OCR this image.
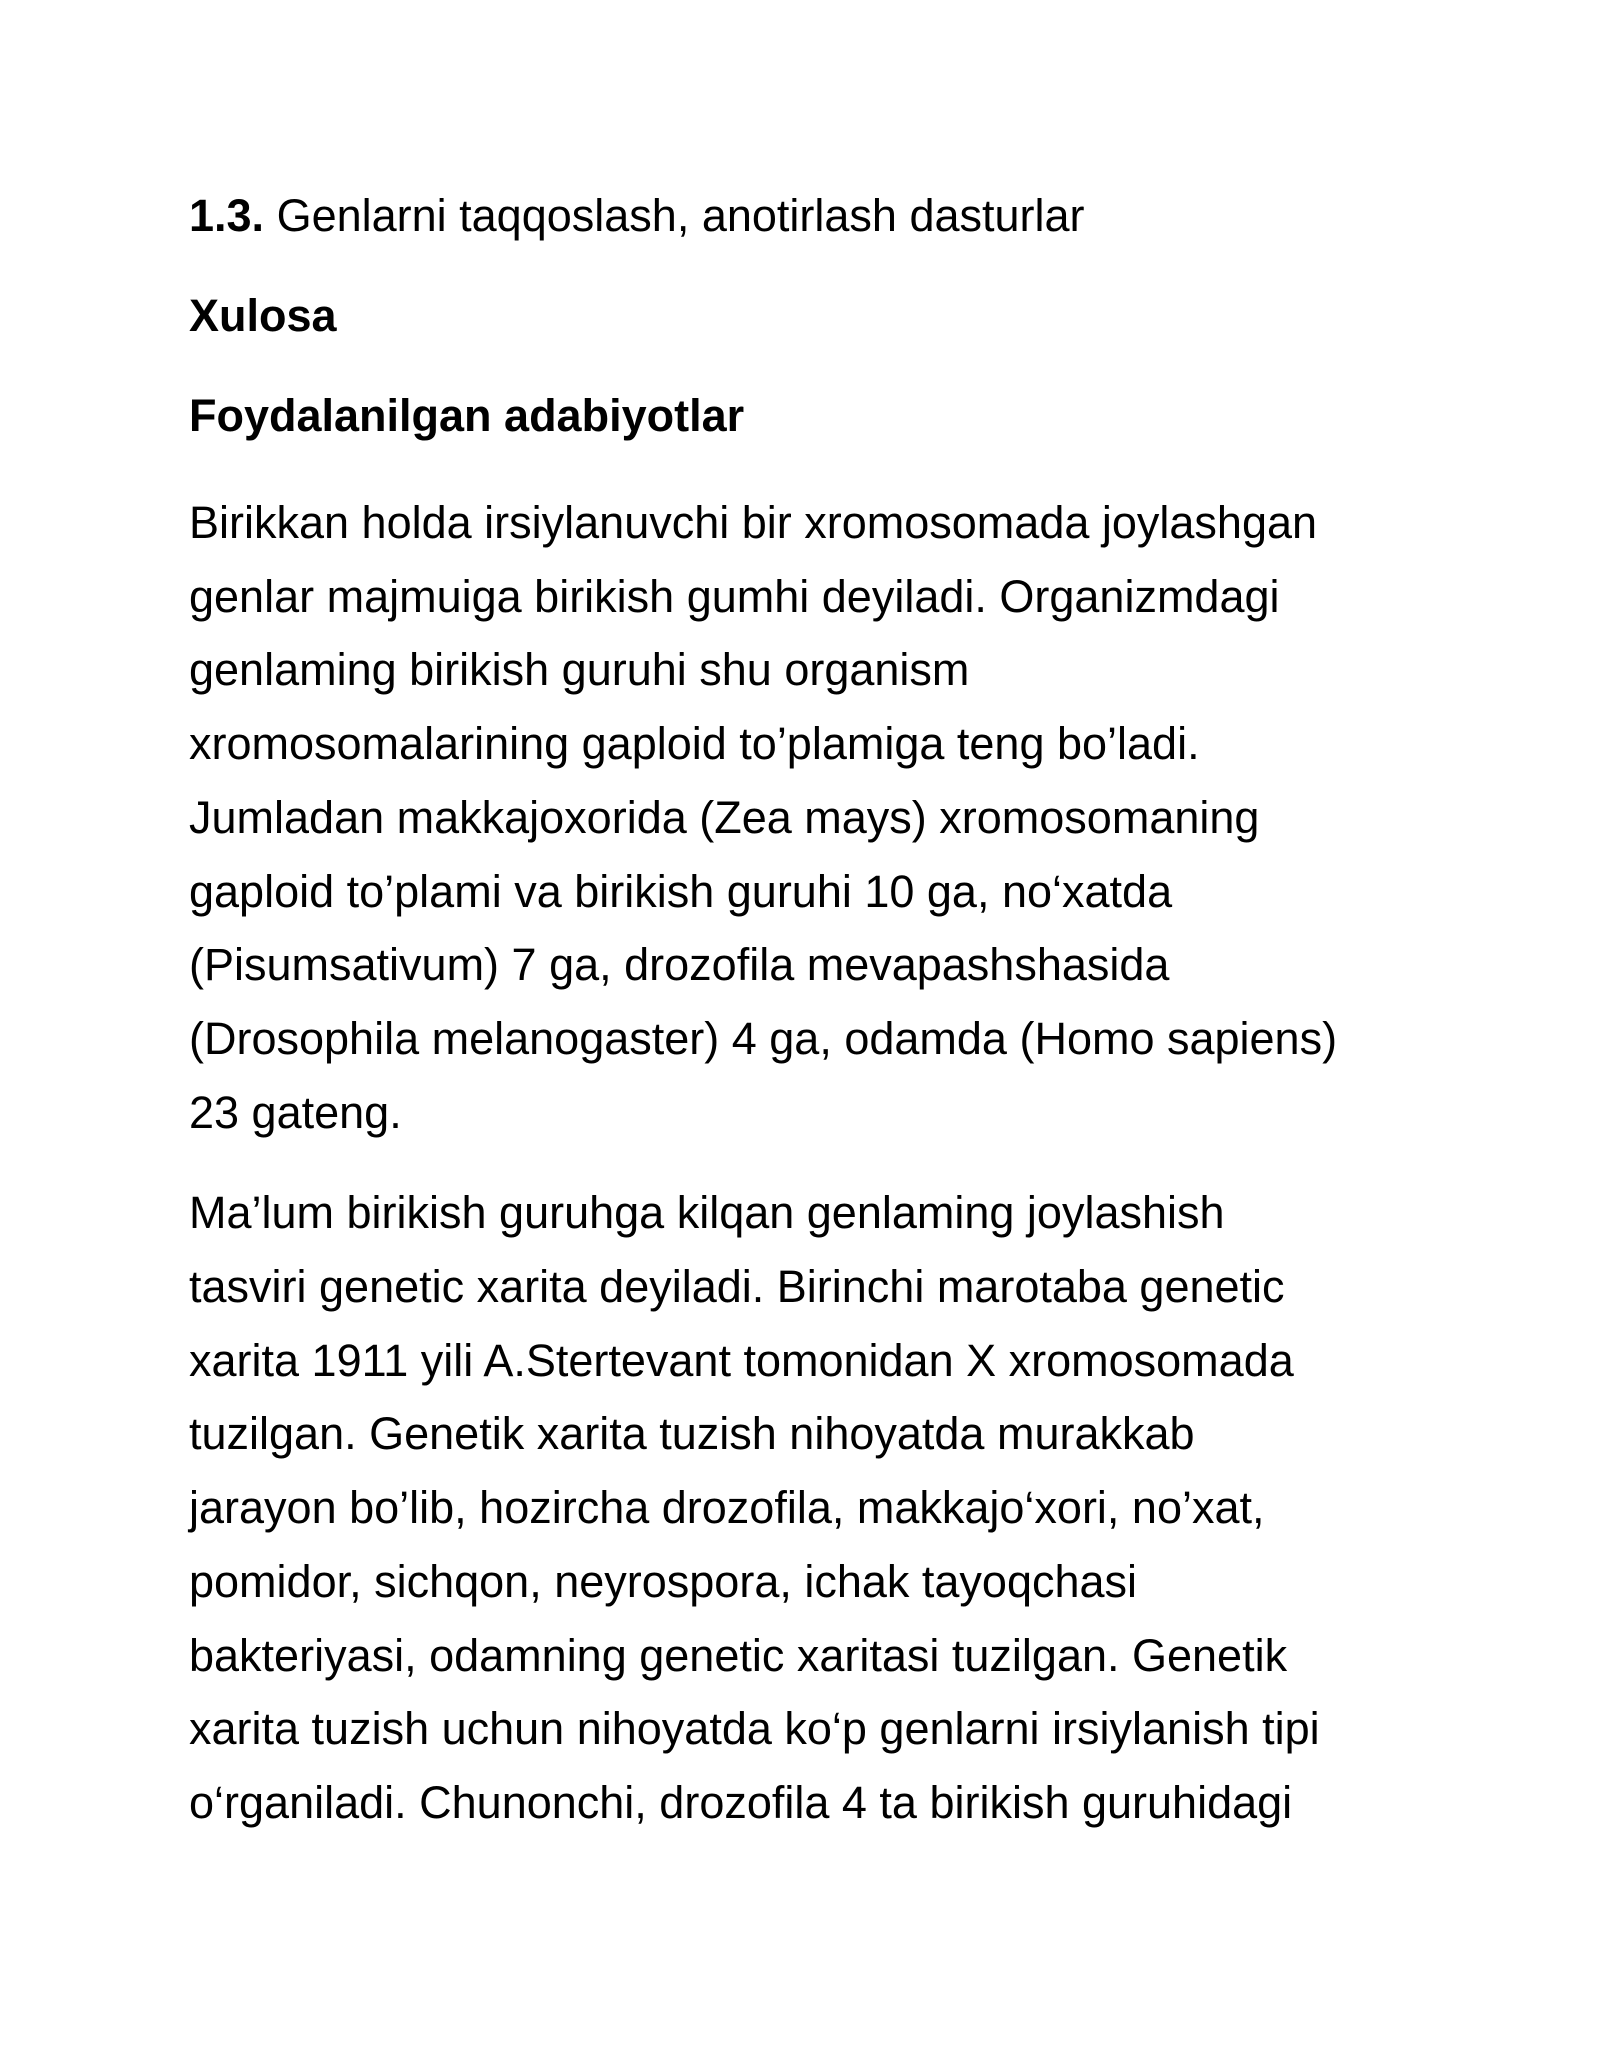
1.3. Genlarni taqqoslash, anotirlash dasturlar
Xulosa
Foydalanilgan adabiyotlar
Birikkan holda irsiylanuvchi bir xromosomada joylashgan
genlar majmuiga birikish gumhi deyiladi. Organizmdagi
genlaming birikish guruhi shu organism
xromosomalarining gaploid to’plamiga teng bo’ladi.
Jumladan makkajoxorida (Zea mays) xromosomaning
gaploid to’plami va birikish guruhi 10 ga, no‘xatda
(Pisumsativum) 7 ga, drozofila mevapashshasida
(Drosophila melanogaster) 4 ga, odamda (Homo sapiens)
23 gateng.
Ma’lum birikish guruhga kilqan genlaming joylashish
tasviri genetic xarita deyiladi. Birinchi marotaba genetic
xarita 1911 yili A.Stertevant tomonidan X xromosomada
tuzilgan. Genetik xarita tuzish nihoyatda murakkab
jarayon bo’lib, hozircha drozofila, makkajo‘xori, no’xat,
pomidor, sichqon, neyrospora, ichak tayoqchasi
bakteriyasi, odamning genetic xaritasi tuzilgan. Genetik
xarita tuzish uchun nihoyatda ko‘p genlarni irsiylanish tipi
o‘rganiladi. Chunonchi, drozofila 4 ta birikish guruhidagi
